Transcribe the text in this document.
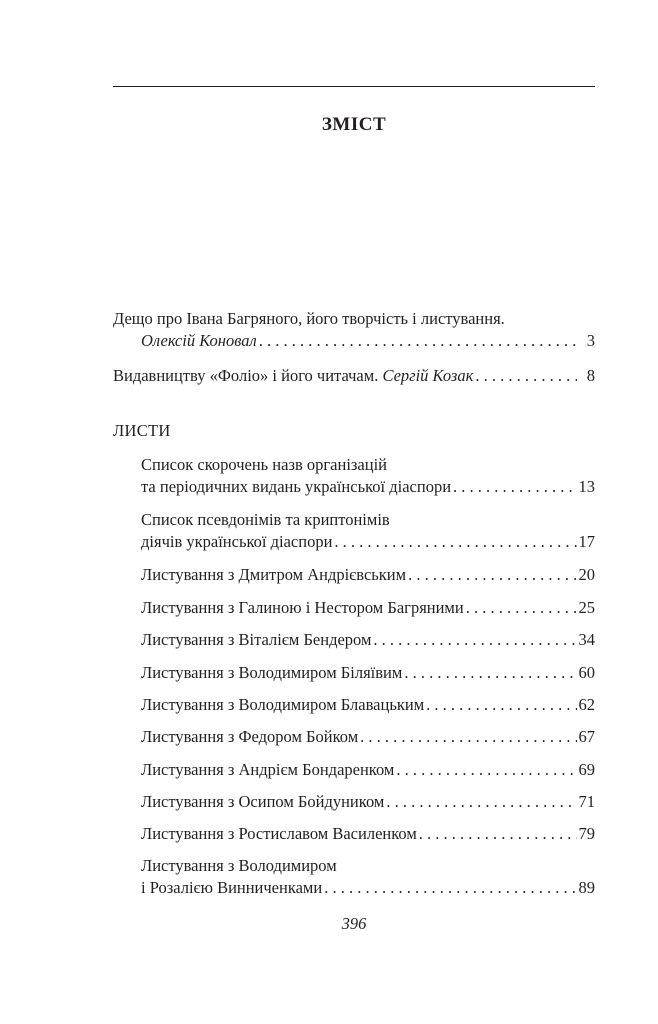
ЗМІСТ
Дещо про Івана Багряного, його творчість і листування.
Олексій Коновал . . .	3
Видавництву «Фоліо» і його читачам. Сергій Козак . . .	8
ЛИСТИ
Список скорочень назв організацій
та періодичних видань української діаспори . . .	13
Список псевдонімів та криптонімів
діячів української діаспори . . .	17
Листування з Дмитром Андрієвським . . .	20
Листування з Галиною і Нестором Багряними . . .	25
Листування з Віталієм Бендером . . .	34
Листування з Володимиром Біляївим . . .	60
Листування з Володимиром Блавацьким . . .	62
Листування з Федором Бойком . . .	67
Листування з Андрієм Бондаренком . . .	69
Листування з Осипом Бойдуником . . .	71
Листування з Ростиславом Василенком . . .	79
Листування з Володимиром
і Розалією Винниченками . . .	89
396
